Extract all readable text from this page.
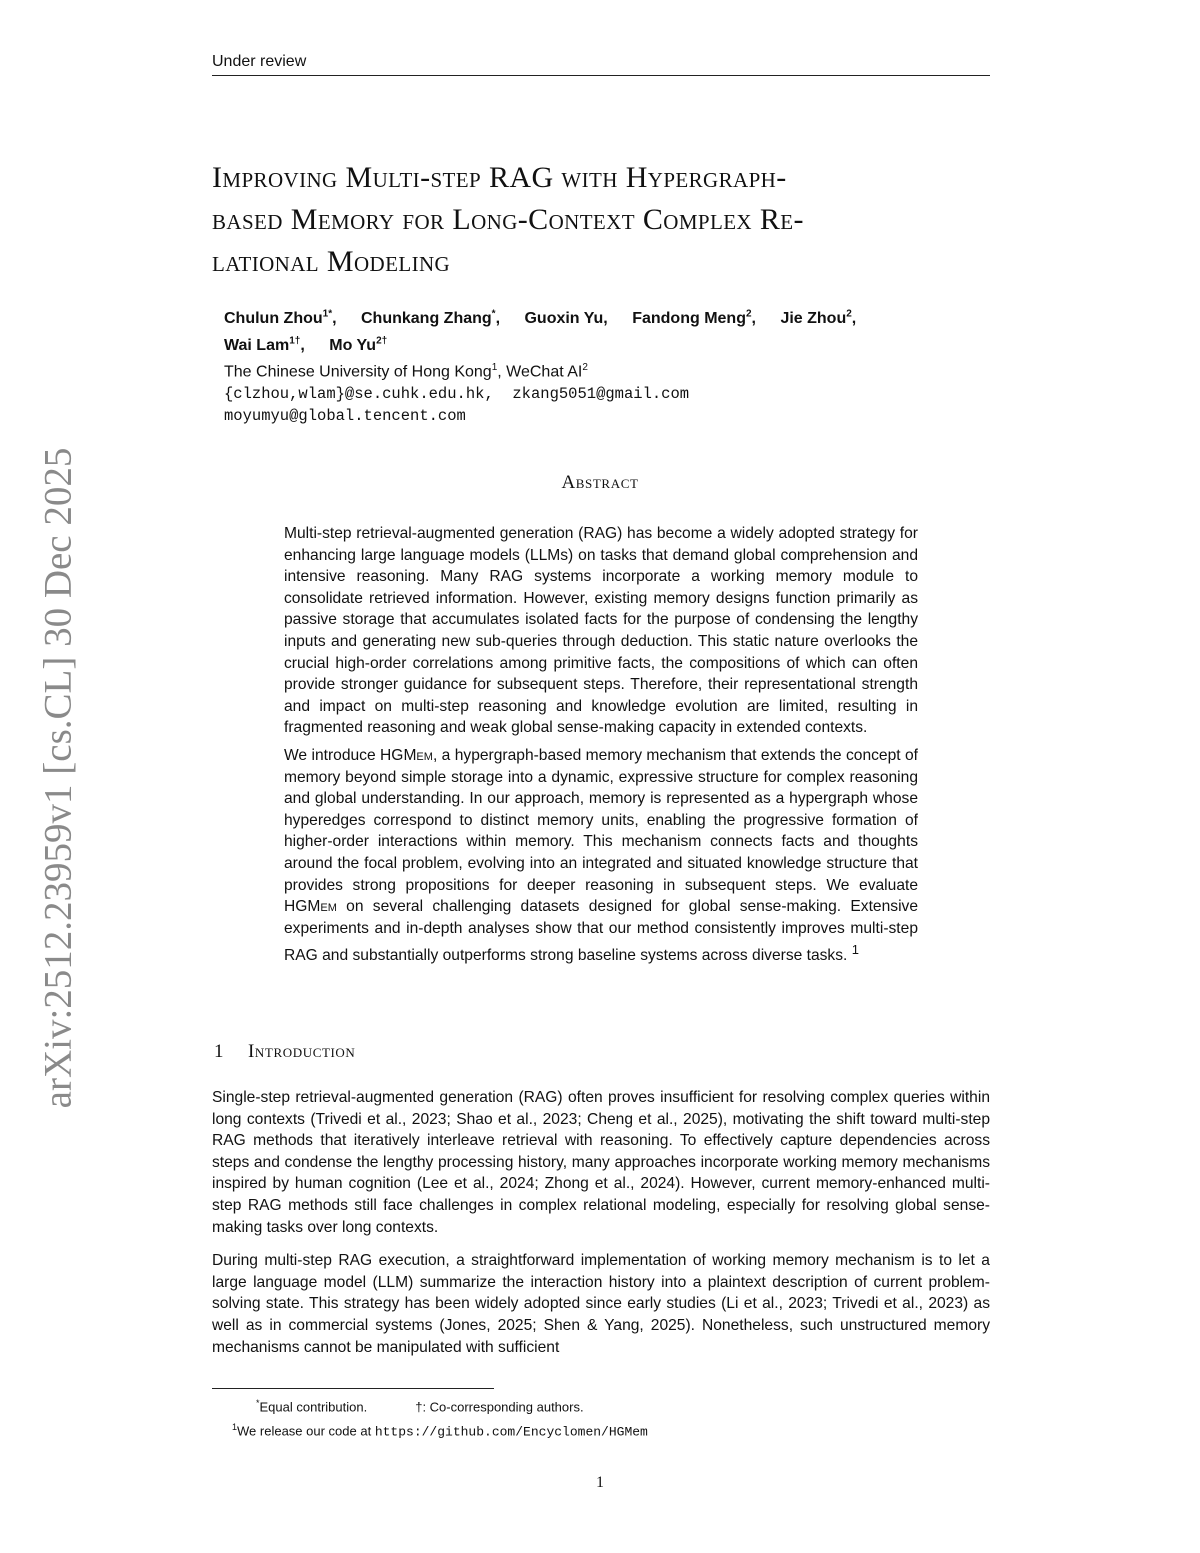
Under review
arXiv:2512.23959v1 [cs.CL] 30 Dec 2025
Improving Multi-step RAG with Hypergraph-
based Memory for Long-Context Complex Re-
lational Modeling
Chulun Zhou$^{1*}$, Chunkang Zhang*, Guoxin Yu, Fandong Meng$^2$, Jie Zhou$^2$,
Wai Lam$^{1\dagger}$, Mo $Yu^{2\dagger}$
The Chinese University of Hong Kong$^1$, WeChat $AI^2$
{clzhou,wlam}@se.cuhk.edu.hk, zkang5051@gmail.com
moyumyu@global.tencent.com
Abstract

Multi-step retrieval-augmented generation (RAG) has become a widely adopted strategy for enhancing large language models (LLMs) on tasks that demand global comprehension and intensive reasoning. Many RAG systems incorporate a working memory module to consolidate retrieved information. However, existing memory designs function primarily as passive storage that accumulates isolated facts for the purpose of condensing the lengthy inputs and generating new sub-queries through deduction. This static nature overlooks the crucial high-order correlations among primitive facts, the compositions of which can often provide stronger guidance for subsequent steps. Therefore, their representational strength and impact on multi-step reasoning and knowledge evolution are limited, resulting in fragmented reasoning and weak global sense-making capacity in extended contexts.

We introduce HGMem, a hypergraph-based memory mechanism that extends the concept of memory beyond simple storage into a dynamic, expressive structure for complex reasoning and global understanding. In our approach, memory is represented as a hypergraph whose hyperedges correspond to distinct memory units, enabling the progressive formation of higher-order interactions within memory. This mechanism connects facts and thoughts around the focal problem, evolving into an integrated and situated knowledge structure that provides strong propositions for deeper reasoning in subsequent steps. We evaluate HGMem on several challenging datasets designed for global sense-making. Extensive experiments and in-depth analyses show that our method consistently improves multi-step RAG and substantially outperforms strong baseline systems across diverse tasks. $^1$

1 Introduction

Single-step retrieval-augmented generation (RAG) often proves insufficient for resolving complex queries within long contexts (Trivedi et al., 2023; Shao et al., 2023; Cheng et al., 2025), motivating the shift toward multi-step RAG methods that iteratively interleave retrieval with reasoning. To effectively capture dependencies across steps and condense the lengthy processing history, many approaches incorporate working memory mechanisms inspired by human cognition (Lee et al., 2024; Zhong et al., 2024). However, current memory-enhanced multi-step RAG methods still face challenges in complex relational modeling, especially for resolving global sense-making tasks over long contexts.

During multi-step RAG execution, a straightforward implementation of working memory mechanism is to let a large language model (LLM) summarize the interaction history into a plaintext description of current problem-solving state. This strategy has been widely adopted since early studies (Li et al., 2023; Trivedi et al., 2023) as well as in commercial systems (Jones, 2025; Shen & Yang, 2025). Nonetheless, such unstructured memory mechanisms cannot be manipulated with sufficient

*Equal contribution.	†: Co-corresponding authors.
$^1$We release our code at https://github.com/Encyclomen/HGMem
1
